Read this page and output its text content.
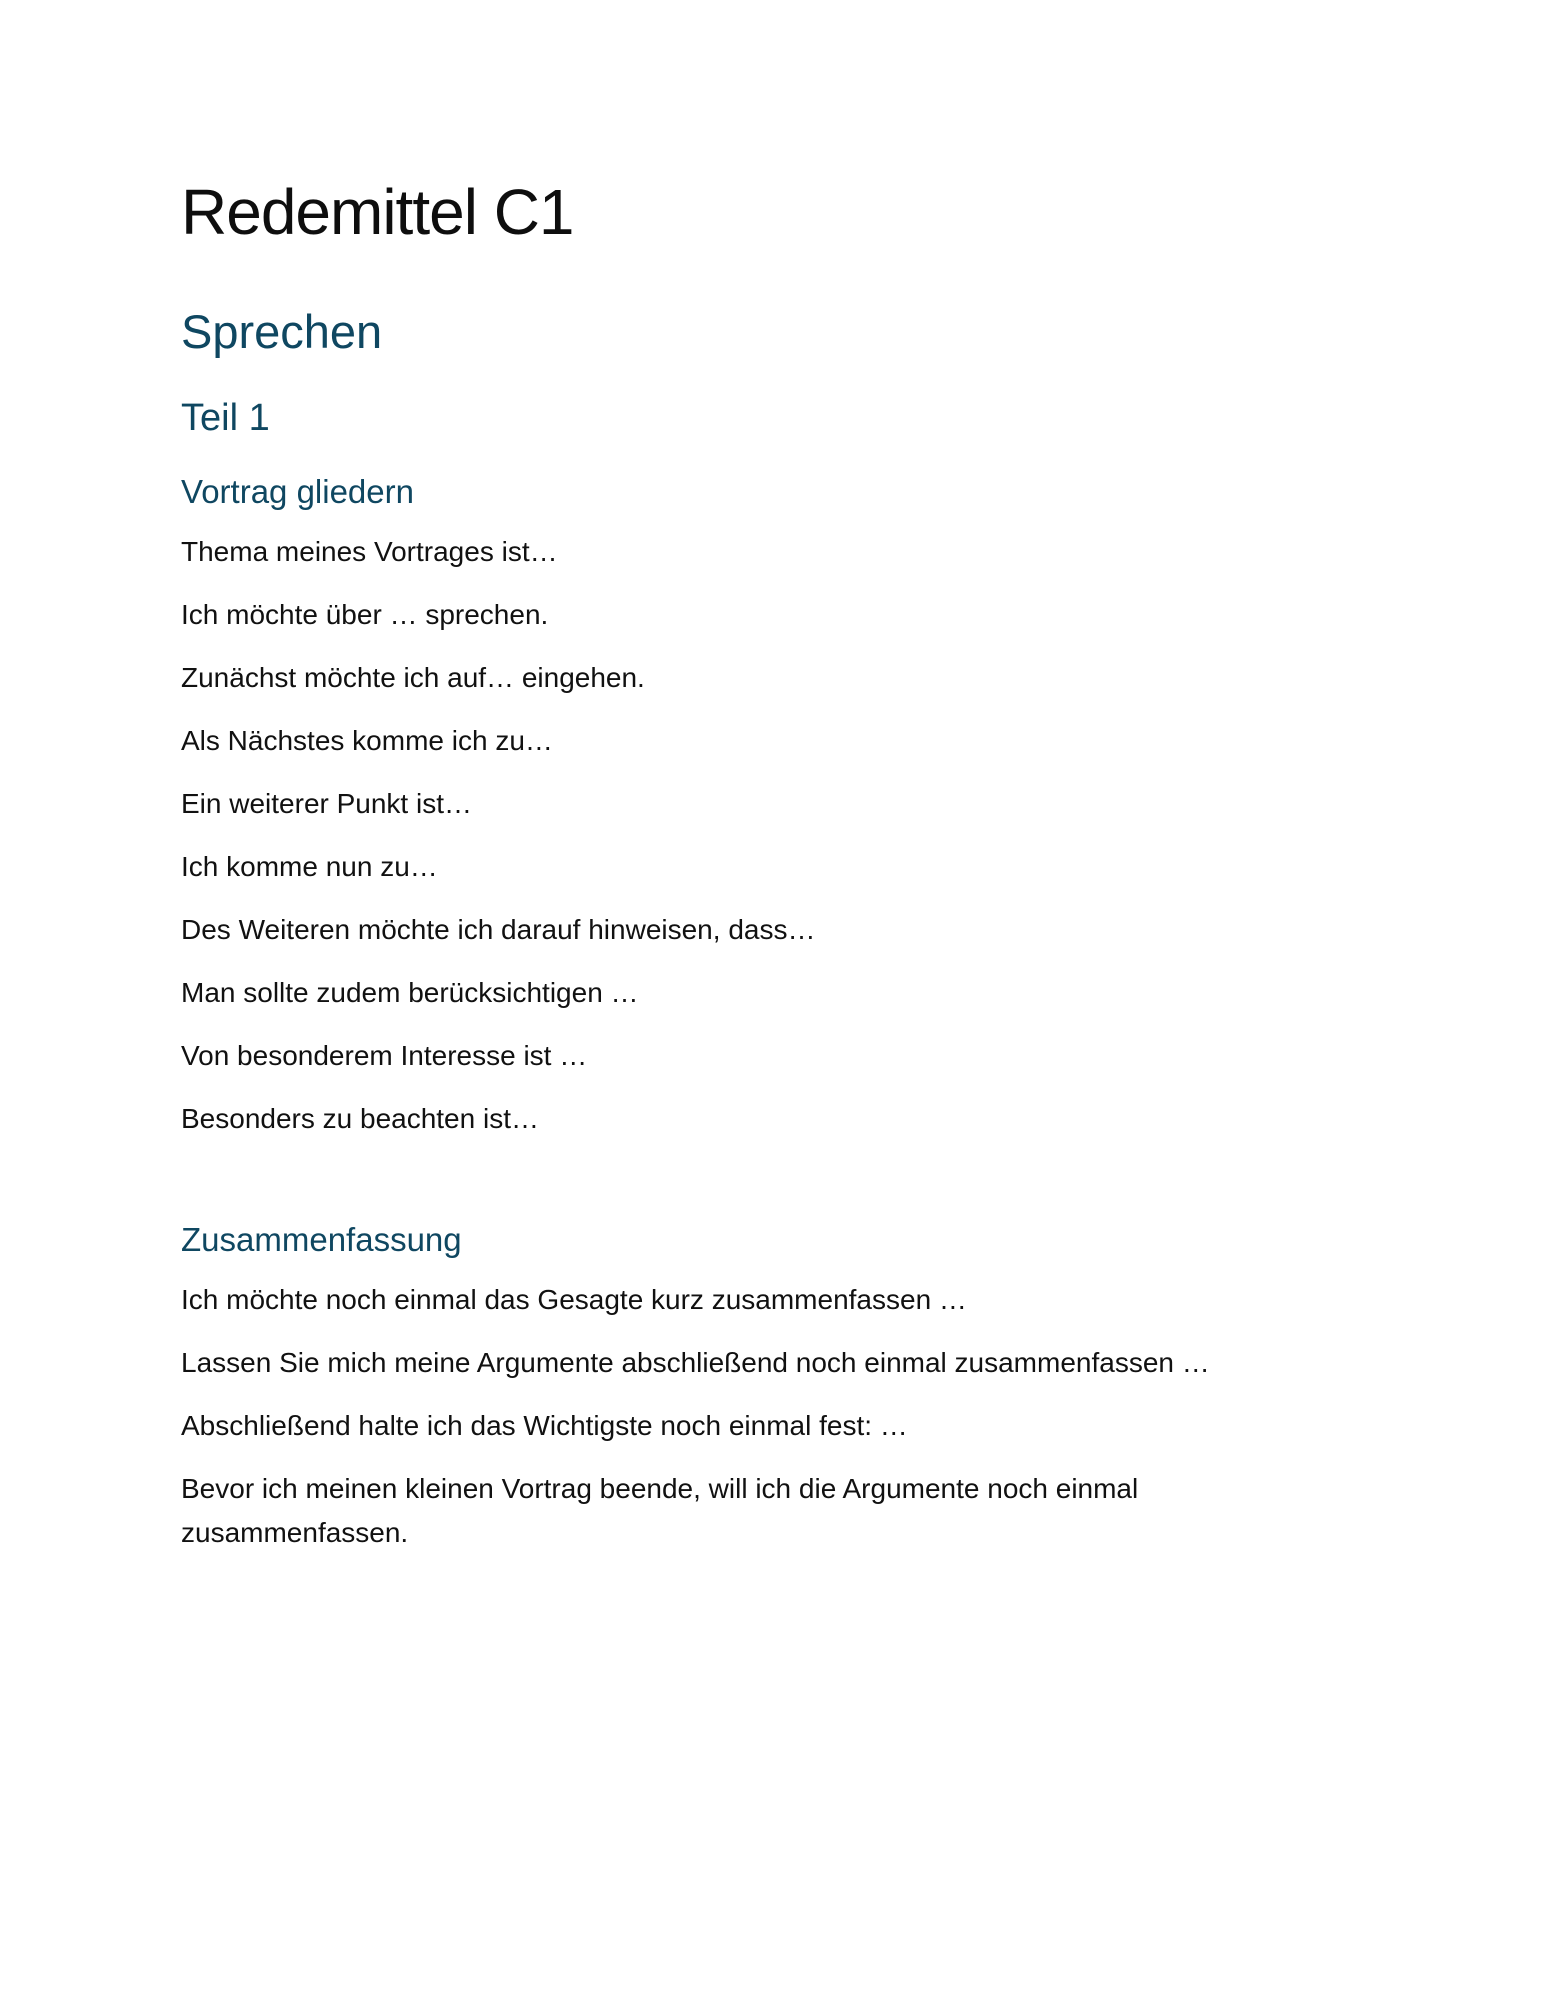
Redemittel C1
Sprechen
Teil 1
Vortrag gliedern
Thema meines Vortrages ist…
Ich möchte über … sprechen.
Zunächst möchte ich auf… eingehen.
Als Nächstes komme ich zu…
Ein weiterer Punkt ist…
Ich komme nun zu…
Des Weiteren möchte ich darauf hinweisen, dass…
Man sollte zudem berücksichtigen …
Von besonderem Interesse ist …
Besonders zu beachten ist…
Zusammenfassung
Ich möchte noch einmal das Gesagte kurz zusammenfassen …
Lassen Sie mich meine Argumente abschließend noch einmal zusammenfassen …
Abschließend halte ich das Wichtigste noch einmal fest: …
Bevor ich meinen kleinen Vortrag beende, will ich die Argumente noch einmal zusammenfassen.
